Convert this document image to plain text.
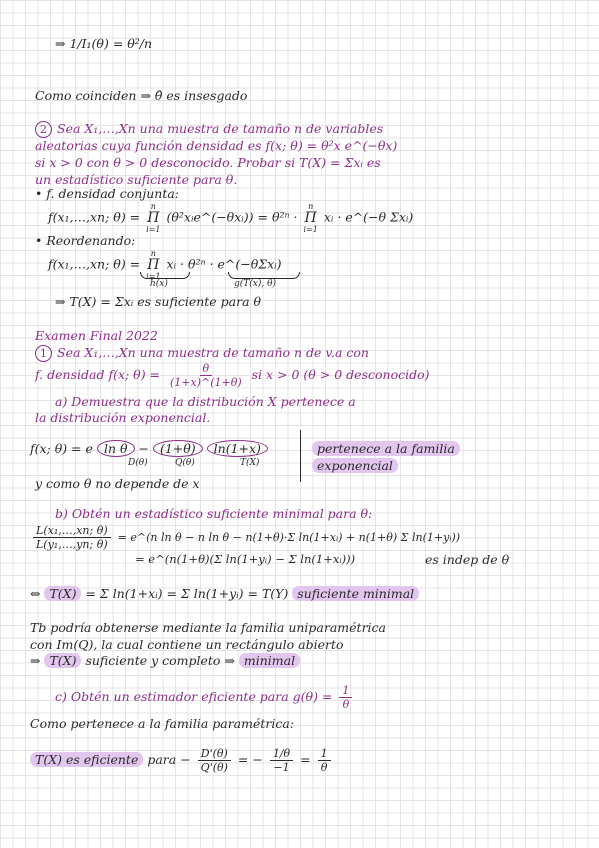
⇒ 1/I₁(θ) = θ²/n
Como coinciden ⇒ θ̂ es insesgado
2 Sea X₁,…,Xn una muestra de tamaño n de variables
aleatorias cuya función densidad es f(x; θ) = θ²x e^(−θx)
si x > 0 con θ > 0 desconocido. Probar si T(X) = Σxᵢ es
un estadístico suficiente para θ.
• f. densidad conjunta:
f(x₁,…,xn; θ) =
n
Π
i=1
(θ²xᵢe^(−θxᵢ)) = θ²ⁿ ·
n
Π
i=1
xᵢ · e^(−θ Σxᵢ)
• Reordenando:
f(x₁,…,xn; θ) =
n
Π
i=1
xᵢ · θ²ⁿ · e^(−θΣxᵢ)
h(x)	g(T(x), θ)
⇒ T(X) = Σxᵢ es suficiente para θ
Examen Final 2022
1 Sea X₁,…,Xn una muestra de tamaño n de v.a con
f. densidad f(x; $\theta) = \frac{\theta}{(1+x)\^{}(1+\theta)}$ si x > 0 (θ > 0 desconocido)
a) Demuestra que la distribución X pertenece a
la distribución exponencial.
f(x; θ) = e ln θ − (1+θ) ln(1+x)
D(θ)	Q(θ)	T(X)
pertenece a la familia
exponencial
y como θ no depende de x
b) Obtén un estadístico suficiente minimal para θ:
$\frac{\text{L(x₁,…,xn; θ)}}{\text{L(y₁,…,yn; θ)}}$ = e^(n ln θ − n ln θ − n(1+θ)·Σ ln(1+xᵢ) + n(1+θ) Σ ln(1+yᵢ))
= e^(n(1+θ)(Σ ln(1+yᵢ) − Σ ln(1+xᵢ)))	es indep de θ
⇔ T(X) = Σ ln(1+xᵢ) = Σ ln(1+yᵢ) = T(Y) suficiente minimal
Tb podría obtenerse mediante la familia uniparamétrica
con Im(Q), la cual contiene un rectángulo abierto
⇒ T(X) suficiente y completo ⇒ minimal
c) Obtén un estimador eficiente para $g(\theta) = \frac{1}{\theta}$
Como pertenece a la familia paramétrica:
T(X) es eficiente para − $\frac{D'(\theta)}{Q'(\theta)}$ = − $\frac{1/\theta}{-1} = \frac{1}{\theta}$
